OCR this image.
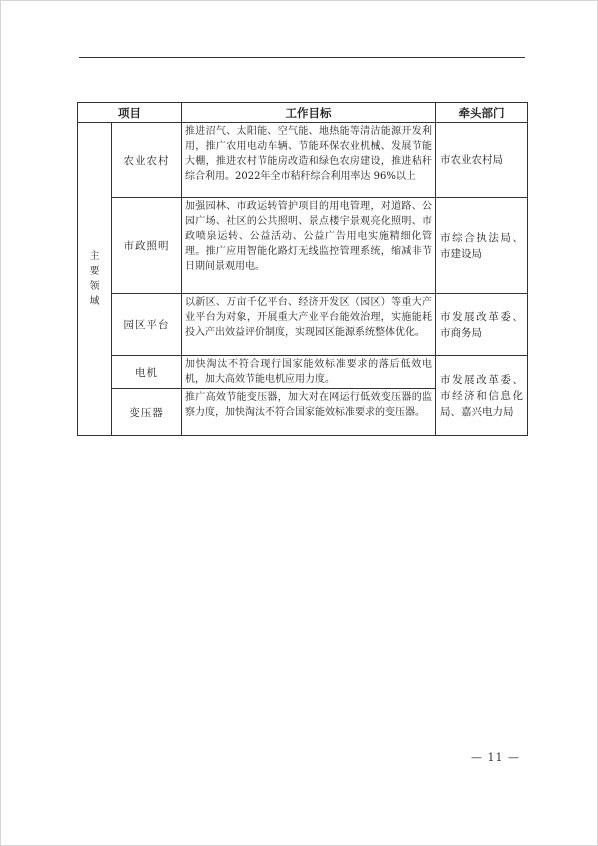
项目		工作目标	牵头部门

主
要
领
域	农业农村	推进沼气、太阳能、空气能、地热能等清洁能源开发利用，推广农用电动车辆、节能环保农业机械、发展节能大棚，推进农村节能房改造和绿色农房建设，推进秸秆综合利用。2022年全市秸秆综合利用率达 96%以上	市农业农村局
	市政照明	加强园林、市政运转管护项目的用电管理，对道路、公园广场、社区的公共照明、景点楼宇景观亮化照明、市政喷泉运转、公益活动、公益广告用电实施精细化管理。推广应用智能化路灯无线监控管理系统，缩减非节日期间景观用电。	市综合执法局、市建设局
	园区平台	以新区、万亩千亿平台、经济开发区（园区）等重大产业平台为对象，开展重大产业平台能效治理，实施能耗投入产出效益评价制度，实现园区能源系统整体优化。	市发展改革委、市商务局
	电机	加快淘汰不符合现行国家能效标准要求的落后低效电机，加大高效节能电机应用力度。	市发展改革委、市经济和信息化局、嘉兴电力局
	变压器	推广高效节能变压器，加大对在网运行低效变压器的监察力度，加快淘汰不符合国家能效标准要求的变压器。	
— 11 —
